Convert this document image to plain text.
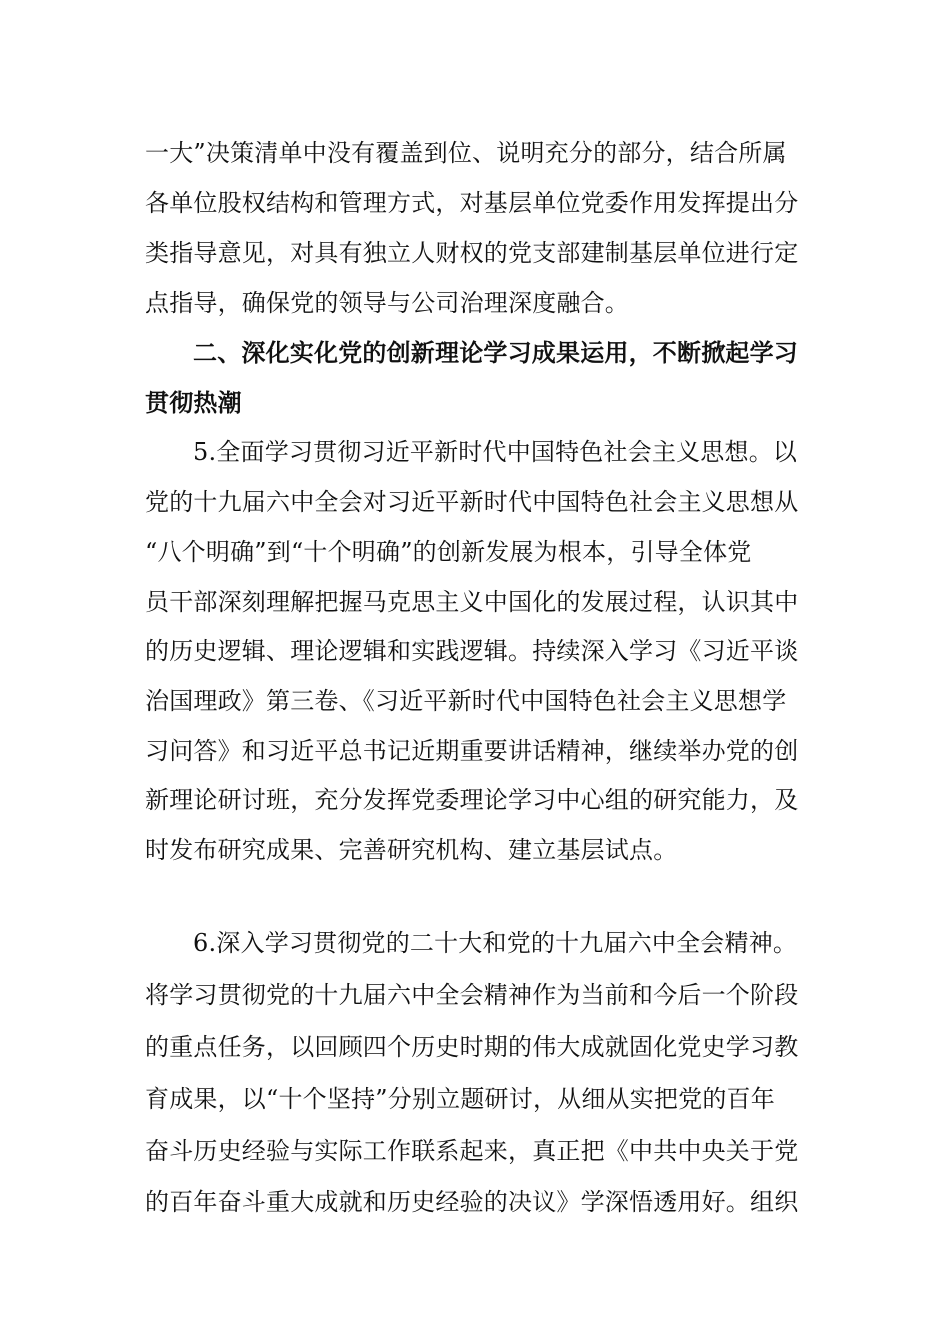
一大”决策清单中没有覆盖到位、说明充分的部分，结合所属
各单位股权结构和管理方式，对基层单位党委作用发挥提出分
类指导意见，对具有独立人财权的党支部建制基层单位进行定
点指导，确保党的领导与公司治理深度融合。
二、深化实化党的创新理论学习成果运用，不断掀起学习
贯彻热潮
5.全面学习贯彻习近平新时代中国特色社会主义思想。以
党的十九届六中全会对习近平新时代中国特色社会主义思想从
“八个明确”到“十个明确”的创新发展为根本，引导全体党
员干部深刻理解把握马克思主义中国化的发展过程，认识其中
的历史逻辑、理论逻辑和实践逻辑。持续深入学习《习近平谈
治国理政》第三卷、《习近平新时代中国特色社会主义思想学
习问答》和习近平总书记近期重要讲话精神，继续举办党的创
新理论研讨班，充分发挥党委理论学习中心组的研究能力，及
时发布研究成果、完善研究机构、建立基层试点。
6.深入学习贯彻党的二十大和党的十九届六中全会精神。
将学习贯彻党的十九届六中全会精神作为当前和今后一个阶段
的重点任务，以回顾四个历史时期的伟大成就固化党史学习教
育成果，以“十个坚持”分别立题研讨，从细从实把党的百年
奋斗历史经验与实际工作联系起来，真正把《中共中央关于党
的百年奋斗重大成就和历史经验的决议》学深悟透用好。组织
